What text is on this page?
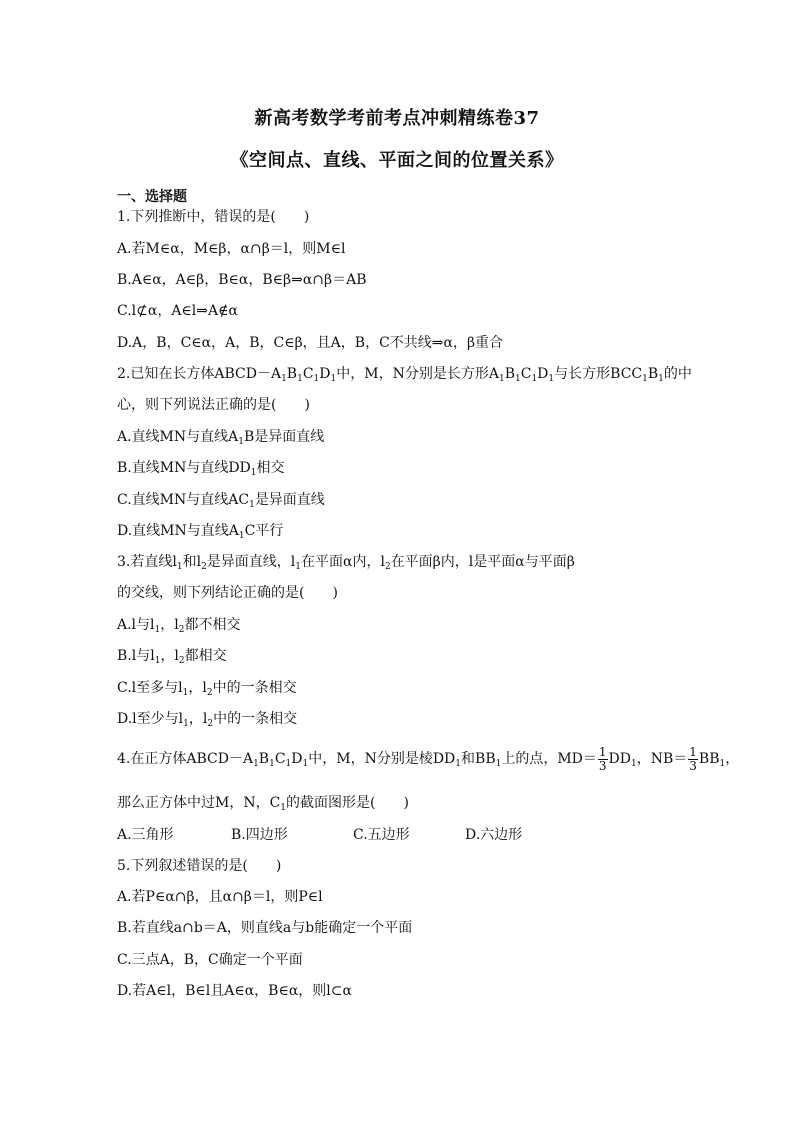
新高考数学考前考点冲刺精练卷37
《空间点、直线、平面之间的位置关系》
一、选择题
1.下列推断中，错误的是(　　)
A.若M∈α，M∈β，α∩β＝l，则M∈l
B.A∈α，A∈β，B∈α，B∈β⇒α∩β＝AB
C.l⊄α，A∈l⇒A∉α
D.A，B，C∈α，A，B，C∈β，且A，B，C不共线⇒α，β重合
2.已知在长方体$ABCD-A_1B_1C_1D_1$中，M，N分别是长方形$A_1B_1C_1D_1$与长方形$BCC_1B_1$的中
心，则下列说法正确的是(　　)
A.直线MN与直线$A_1B$是异面直线
B.直线MN与直线$DD_1$相交
C.直线MN与直线$AC_1$是异面直线
D.直线MN与直线$A_1C$平行
3.若直线$l_1$和$l_2$是异面直线，$l_1$在平面α内，$l_2$在平面β内，l是平面α与平面β
的交线，则下列结论正确的是(　　)
A.l与$l_1$，$l_2$都不相交
B.l与$l_1$，$l_2$都相交
C.l至多与$l_1$，$l_2$中的一条相交
D.l至少与$l_1$，$l_2$中的一条相交
4.在正方体$ABCD-A_1B_1C_1D_1$中，M，N分别是棱$DD_1$和$BB_1$上的点，$MD= \frac{1}{3} DD_1$，$NB= \frac{1}{3} BB_1$，
那么正方体中过M，N，$C_1$的截面图形是(　　)
A.三角形	B.四边形	C.五边形	D.六边形
5.下列叙述错误的是(　　)
A.若P∈α∩β，且α∩β＝l，则P∈l
B.若直线a∩b＝A，则直线a与b能确定一个平面
C.三点A，B，C确定一个平面
D.若A∈l，B∈l且A∈α，B∈α，则l⊂α
